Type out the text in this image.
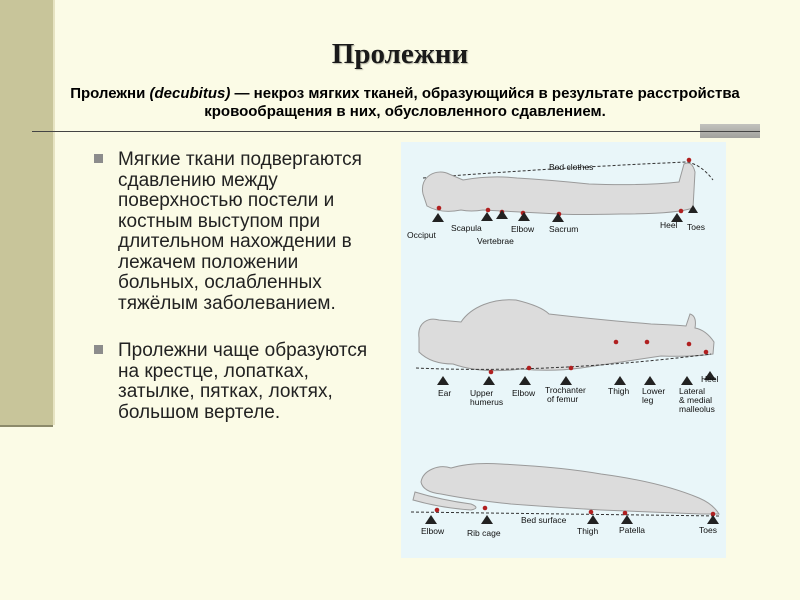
Пролежни
Пролежни (decubitus) — некроз мягких тканей, образующийся в результате расстройства кровообращения в них, обусловленного сдавлением.
Мягкие ткани подвергаются сдавлению между поверхностью постели и костным выступом при длительном нахождении в лежачем положении больных, ослабленных тяжёлым заболеванием.
Пролежни чаще образуются на крестце, лопатках, затылке, пятках, локтях, большом вертеле.
Bed clothes
Occiput
Scapula
Vertebrae
Elbow Sacrum	Heel Toes
Ear Upper
humerus
Elbow Trochanter
of femur
Thigh Lower
leg
Lateral
& medial
malleolus
Heel
Elbow	Rib cage
Bed surface
Thigh Patella	Toes
